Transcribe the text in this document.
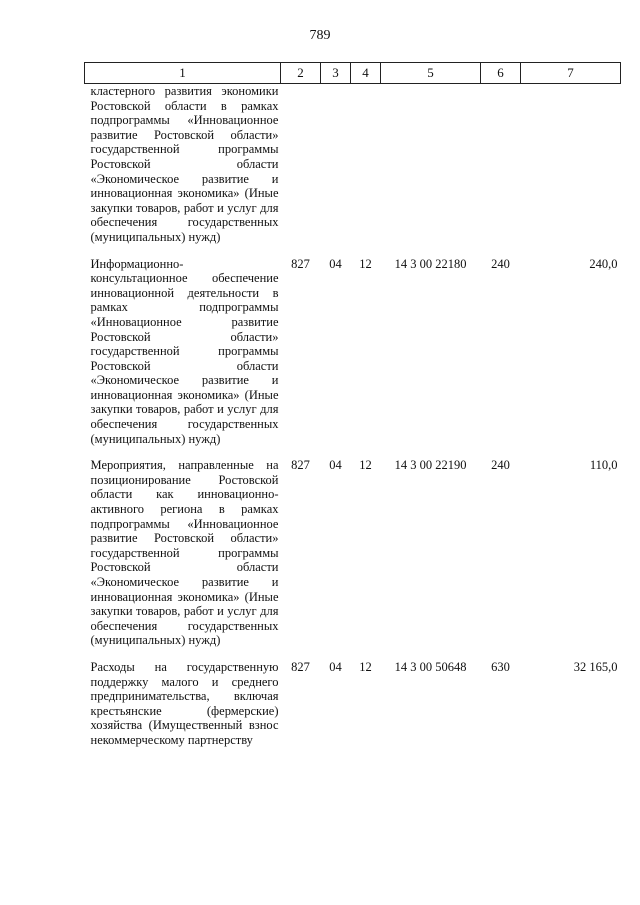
789
1	2	3	4	5	6	7
кластерного развития экономики Ростовской области в рамках подпрограммы «Инновационное развитие Ростовской области» государственной программы Ростовской области «Экономическое развитие и инновационная экономика» (Иные закупки товаров, работ и услуг для обеспечения государственных (муниципальных) нужд)						

Информационно-консультационное обеспечение инновационной деятельности в рамках подпрограммы «Инновационное развитие Ростовской области» государственной программы Ростовской области «Экономическое развитие и инновационная экономика» (Иные закупки товаров, работ и услуг для обеспечения государственных (муниципальных) нужд)	827	04	12	14 3 00 22180	240	240,0

Мероприятия, направленные на позиционирование Ростовской области как инновационно-активного региона в рамках подпрограммы «Инновационное развитие Ростовской области» государственной программы Ростовской области «Экономическое развитие и инновационная экономика» (Иные закупки товаров, работ и услуг для обеспечения государственных (муниципальных) нужд)	827	04	12	14 3 00 22190	240	110,0

Расходы на государственную поддержку малого и среднего предпринимательства, включая крестьянские (фермерские) хозяйства (Имущественный взнос некоммерческому партнерству	827	04	12	14 3 00 50648	630	32 165,0
